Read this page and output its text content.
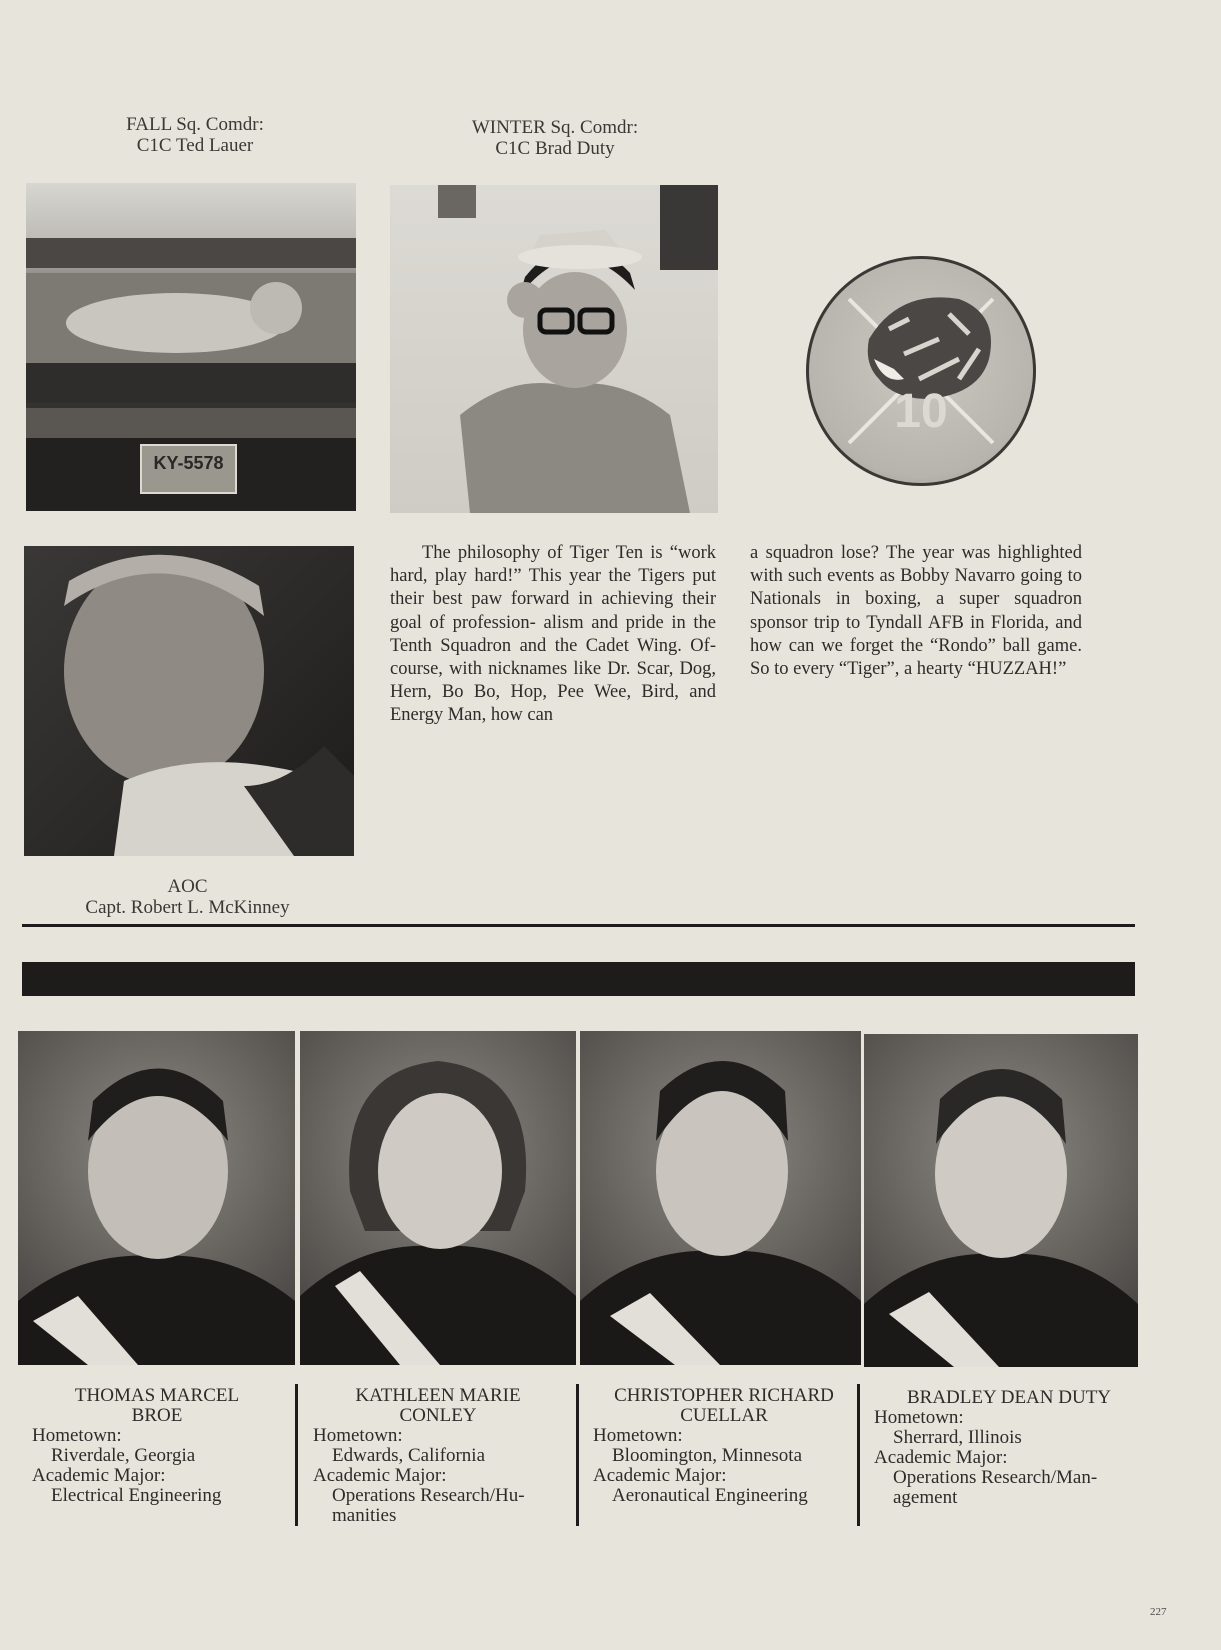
FALL Sq. Comdr:
C1C Ted Lauer
WINTER Sq. Comdr:
C1C Brad Duty
KY-5578
10
AOC
Capt. Robert L. McKinney

The philosophy of Tiger Ten is “work hard, play hard!” This year the Tigers put their best paw forward in achieving their goal of profession- alism and pride in the Tenth Squadron and the Cadet Wing. Of-course, with nicknames like Dr. Scar, Dog, Hern, Bo Bo, Hop, Pee Wee, Bird, and Energy Man, how can

a squadron lose? The year was highlighted with such events as Bobby Navarro going to Nationals in boxing, a super squadron sponsor trip to Tyndall AFB in Florida, and how can we forget the “Rondo” ball game. So to every “Tiger”, a hearty “HUZZAH!”

THOMAS MARCEL
BROE
Hometown:
Riverdale, Georgia
Academic Major:
Electrical Engineering
KATHLEEN MARIE
CONLEY
Hometown:
Edwards, California
Academic Major:
Operations Research/Hu-
manities
CHRISTOPHER RICHARD
CUELLAR
Hometown:
Bloomington, Minnesota
Academic Major:
Aeronautical Engineering
BRADLEY DEAN DUTY
Hometown:
Sherrard, Illinois
Academic Major:
Operations Research/Man-
agement
227
